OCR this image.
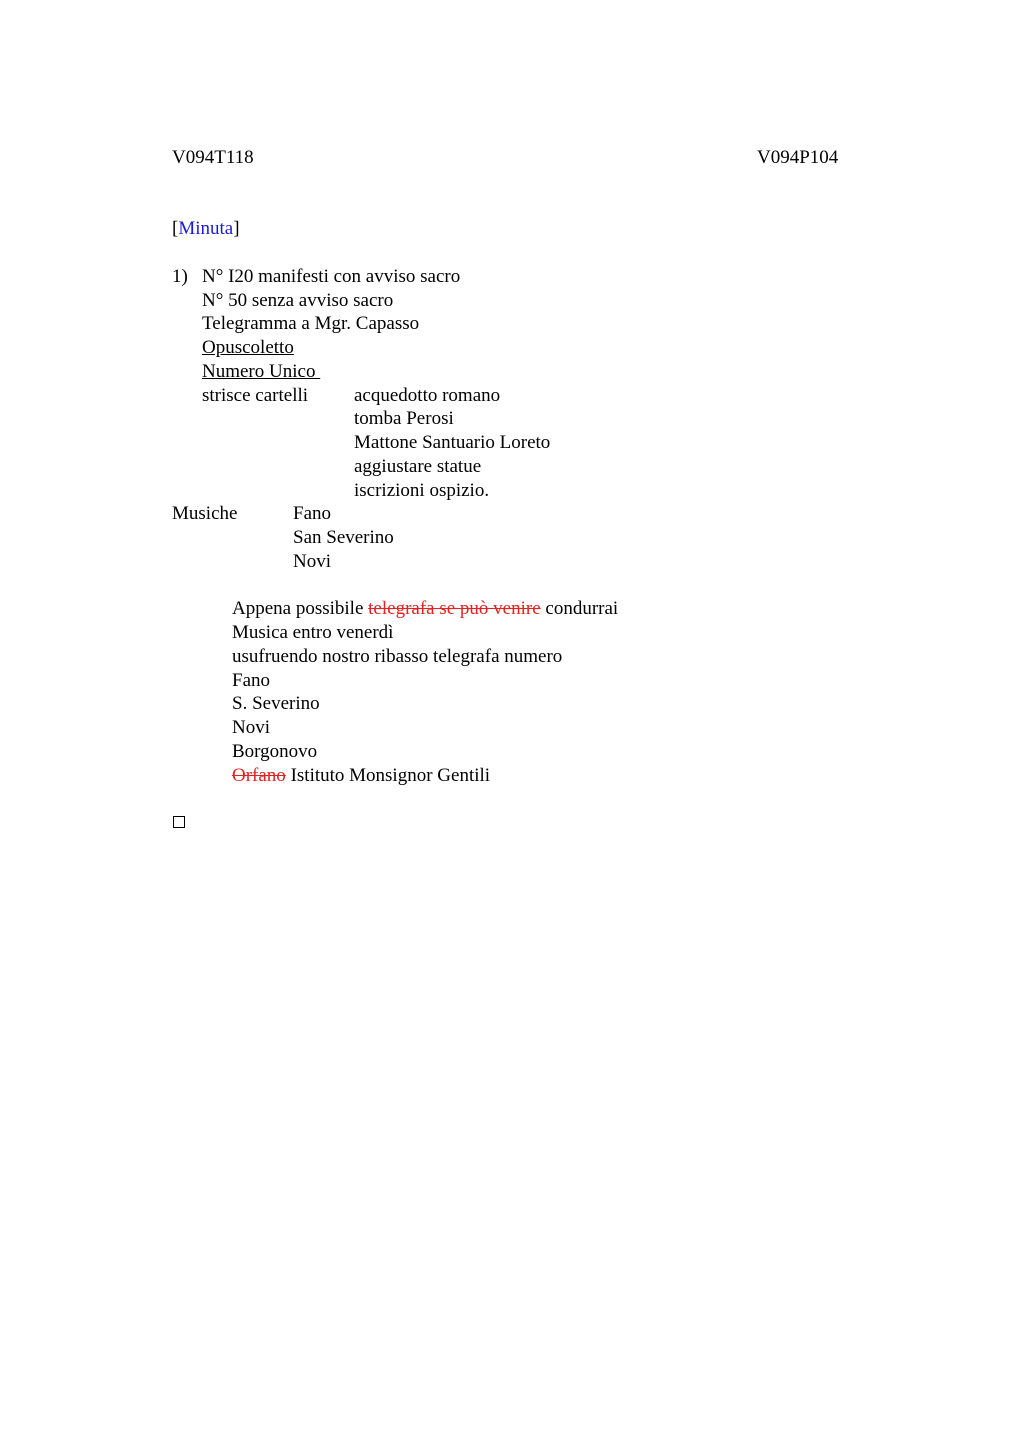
V094T118	V094P104
[Minuta]
1) N° I20 manifesti con avviso sacro
N° 50 senza avviso sacro
Telegramma a Mgr. Capasso
Opuscoletto
Numero Unico
strisce cartelli acquedotto romano
tomba Perosi
Mattone Santuario Loreto
aggiustare statue
iscrizioni ospizio.
Musiche	Fano
San Severino
Novi
Appena possibile telegrafa se può venire condurrai
Musica entro venerdì
usufruendo nostro ribasso telegrafa numero
Fano
S. Severino
Novi
Borgonovo
Orfano Istituto Monsignor Gentili
